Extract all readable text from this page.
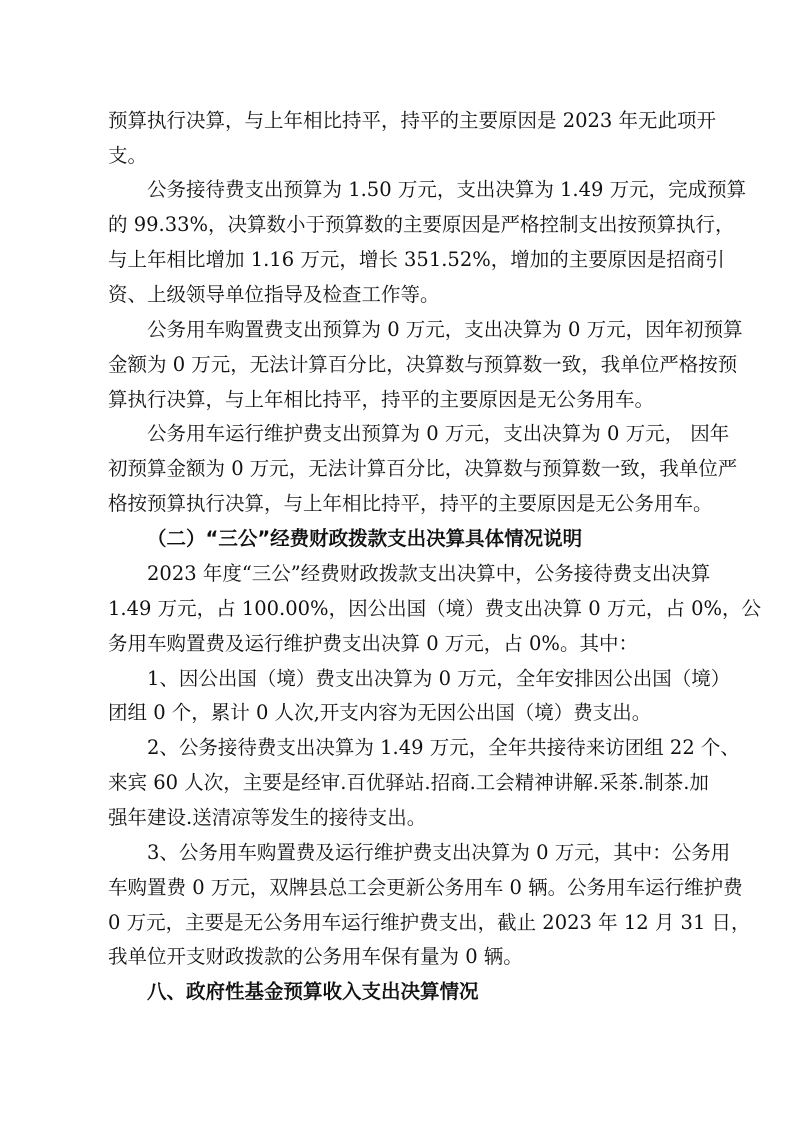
预算执行决算，与上年相比持平，持平的主要原因是 2023 年无此项开
支。
公务接待费支出预算为 1.50 万元，支出决算为 1.49 万元，完成预算
的 99.33%，决算数小于预算数的主要原因是严格控制支出按预算执行，
与上年相比增加 1.16 万元，增长 351.52%，增加的主要原因是招商引
资、上级领导单位指导及检查工作等。
公务用车购置费支出预算为 0 万元，支出决算为 0 万元，因年初预算
金额为 0 万元，无法计算百分比，决算数与预算数一致，我单位严格按预
算执行决算，与上年相比持平，持平的主要原因是无公务用车。
公务用车运行维护费支出预算为 0 万元，支出决算为 0 万元， 因年
初预算金额为 0 万元，无法计算百分比，决算数与预算数一致，我单位严
格按预算执行决算，与上年相比持平，持平的主要原因是无公务用车。
（二）“三公”经费财政拨款支出决算具体情况说明
2023 年度“三公”经费财政拨款支出决算中，公务接待费支出决算
1.49 万元，占 100.00%，因公出国（境）费支出决算 0 万元，占 0%，公
务用车购置费及运行维护费支出决算 0 万元，占 0%。其中：
1、因公出国（境）费支出决算为 0 万元，全年安排因公出国（境）
团组 0 个，累计 0 人次,开支内容为无因公出国（境）费支出。
2、公务接待费支出决算为 1.49 万元，全年共接待来访团组 22 个、
来宾 60 人次，主要是经审.百优驿站.招商.工会精神讲解.采茶.制茶.加
强年建设.送清凉等发生的接待支出。
3、公务用车购置费及运行维护费支出决算为 0 万元，其中：公务用
车购置费 0 万元，双牌县总工会更新公务用车 0 辆。公务用车运行维护费
0 万元，主要是无公务用车运行维护费支出，截止 2023 年 12 月 31 日，
我单位开支财政拨款的公务用车保有量为 0 辆。
八、政府性基金预算收入支出决算情况
